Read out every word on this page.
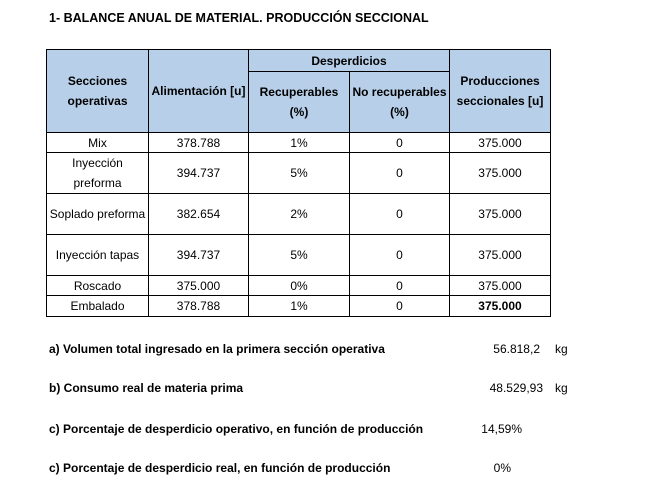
1- BALANCE ANUAL DE MATERIAL. PRODUCCIÓN SECCIONAL
Secciones operativas	Alimentación [u]	Desperdicios		Producciones seccionales [u]
		Recuperables (%)	No recuperables (%)	
Mix	378.788	1%	0	375.000
Inyección preforma	394.737	5%	0	375.000
Soplado preforma	382.654	2%	0	375.000
Inyección tapas	394.737	5%	0	375.000
Roscado	375.000	0%	0	375.000
Embalado	378.788	1%	0	375.000
a) Volumen total ingresado en la primera sección operativa	56.818,2 kg
b) Consumo real de materia prima	48.529,93 kg
c) Porcentaje de desperdicio operativo, en función de producción	14,59%
c) Porcentaje de desperdicio real, en función de producción	0%
